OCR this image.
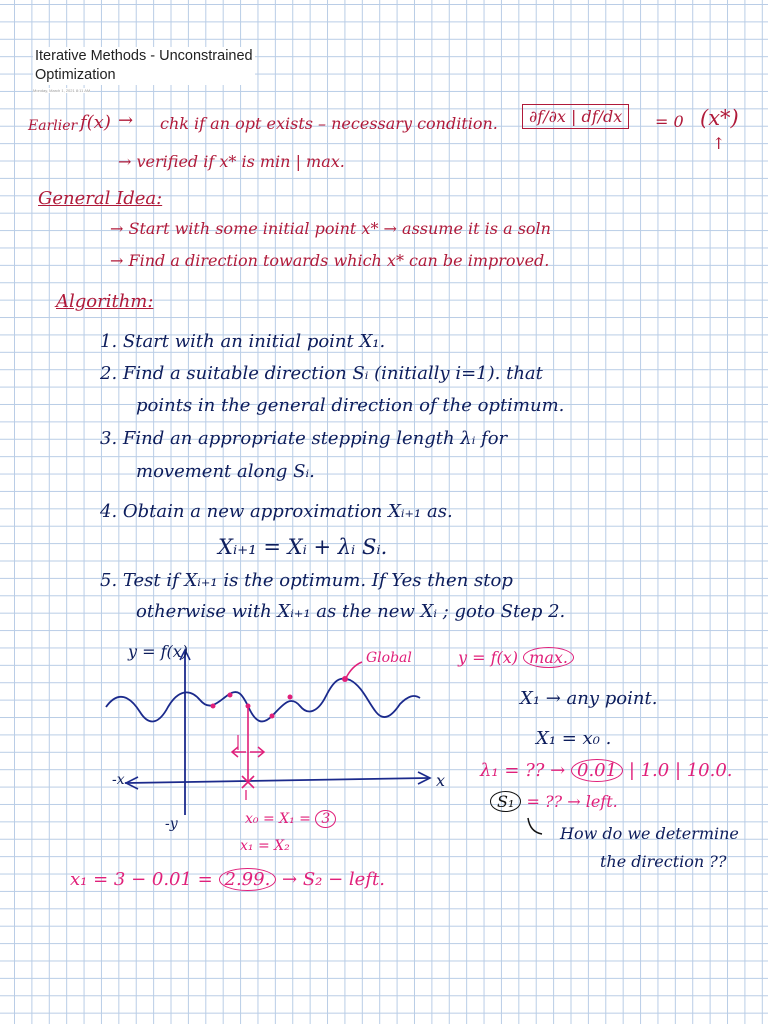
Iterative Methods - Unconstrained
Optimization
Monday, March 1, 2021 8:11 AM
Earlier f(x) → chk if an opt exists – necessary condition.	∂f/∂x | df/dx	= 0 (x*)
↑
→ verified if x* is min | max.
General Idea:
→ Start with some initial point x* → assume it is a soln
→ Find a direction towards which x* can be improved.
Algorithm:
1. Start with an initial point X₁.
2. Find a suitable direction Sᵢ (initially i=1). that
points in the general direction of the optimum.
3. Find an appropriate stepping length λᵢ for
movement along Sᵢ.
4. Obtain a new approximation Xᵢ₊₁ as.
Xᵢ₊₁ = Xᵢ + λᵢ Sᵢ.
5. Test if Xᵢ₊₁ is the optimum. If Yes then stop
otherwise with Xᵢ₊₁ as the new Xᵢ ; goto Step 2.
y = f(x)	Global
x
-x
-y	x₀ = X₁ = 3
x₁ = X₂
y = f(x) max.
X₁ → any point.
X₁ = x₀ .
λ₁ = ?? → 0.01 | 1.0 | 10.0.
S₁ = ?? → left.
How do we determine
the direction ??
x₁ = 3 − 0.01 = 2.99. → S₂ − left.
